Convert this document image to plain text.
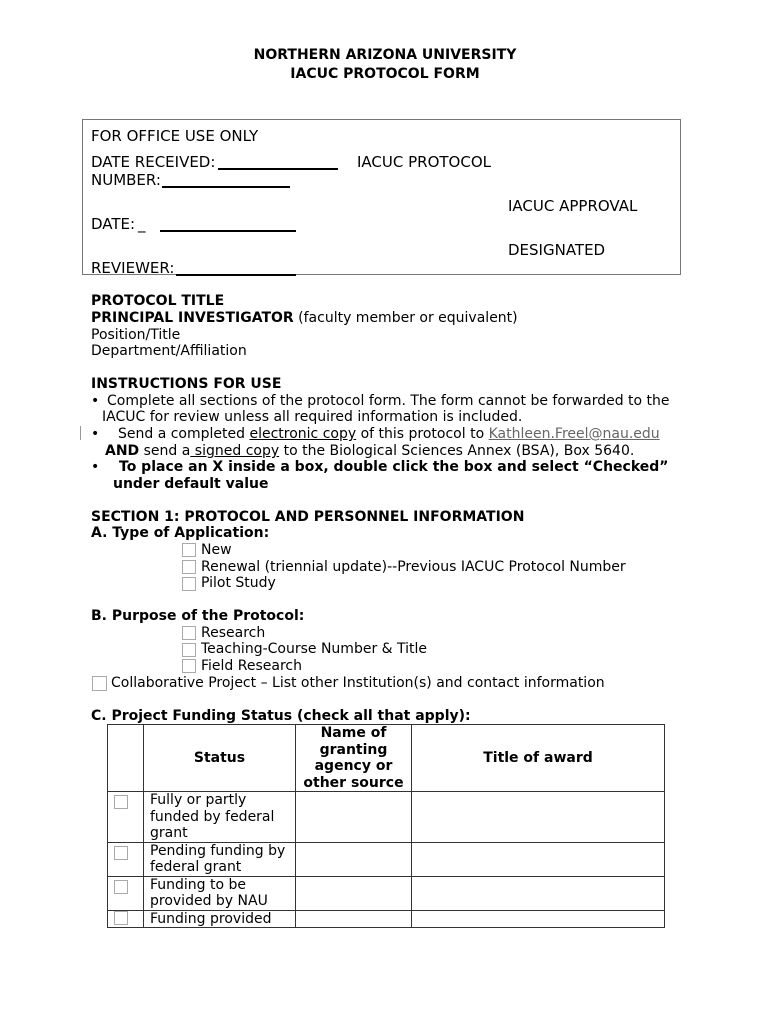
NORTHERN ARIZONA UNIVERSITY
IACUC PROTOCOL FORM
FOR OFFICE USE ONLY
DATE RECEIVED:	IACUC PROTOCOL
NUMBER:
IACUC APPROVAL
DATE: _
DESIGNATED
REVIEWER:
PROTOCOL TITLE
PRINCIPAL INVESTIGATOR (faculty member or equivalent)
Position/Title
Department/Affiliation
INSTRUCTIONS FOR USE
• Complete all sections of the protocol form. The form cannot be forwarded to the
IACUC for review unless all required information is included.
• Send a completed electronic copy of this protocol to Kathleen.Freel@nau.edu
AND send a signed copy to the Biological Sciences Annex (BSA), Box 5640.
• To place an X inside a box, double click the box and select “Checked”
under default value
SECTION 1: PROTOCOL AND PERSONNEL INFORMATION
A. Type of Application:
New
Renewal (triennial update)--Previous IACUC Protocol Number
Pilot Study
B. Purpose of the Protocol:
Research
Teaching-Course Number & Title
Field Research
Collaborative Project – List other Institution(s) and contact information
C. Project Funding Status (check all that apply):
	Status	Name of granting agency or other source	Title of award

	Fully or partly funded by federal grant		

	Pending funding by federal grant		

	Funding to be provided by NAU		

	Funding provided		
